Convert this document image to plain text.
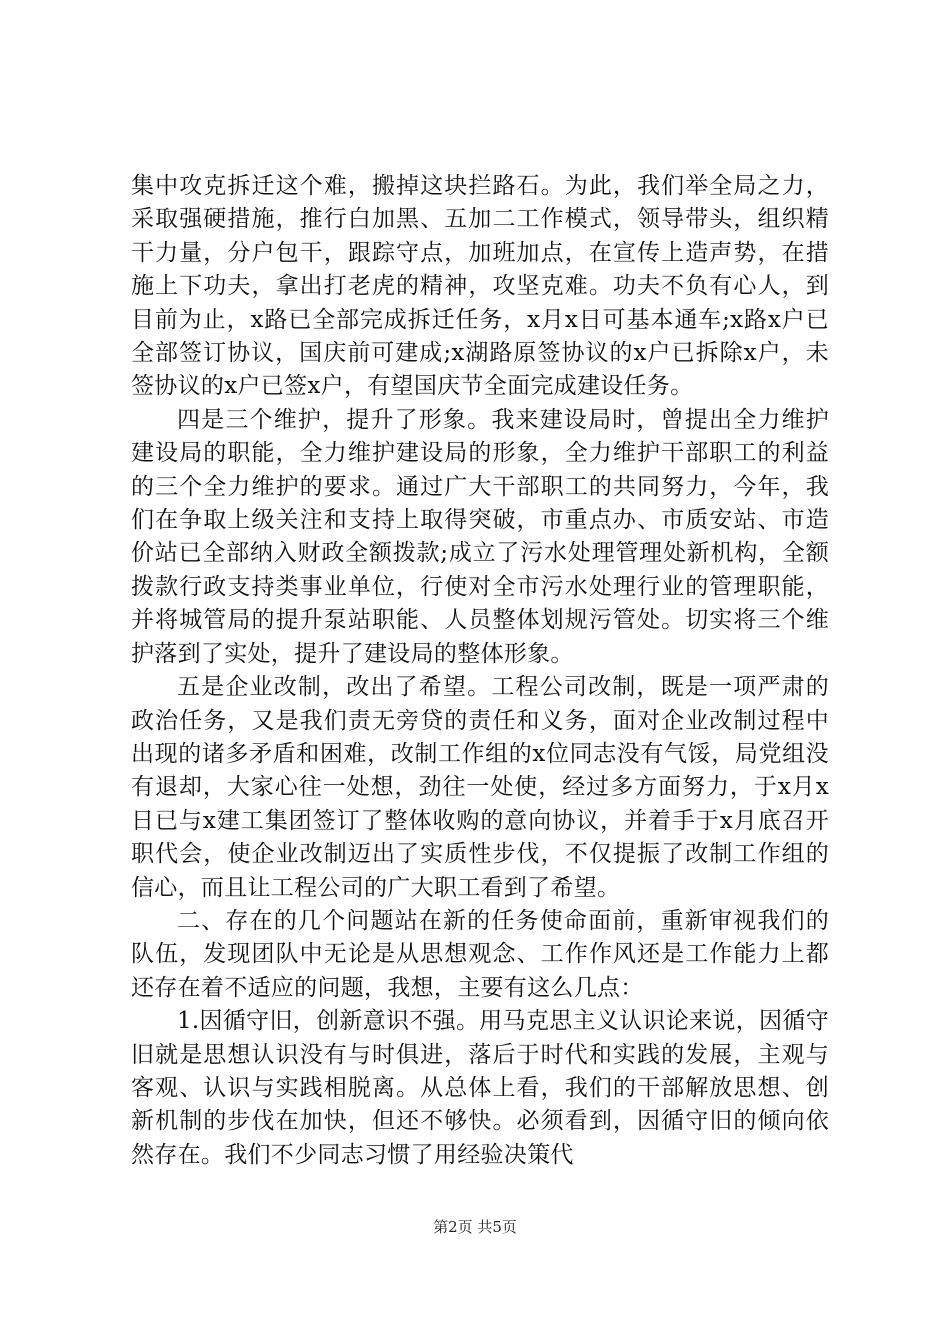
集中攻克拆迁这个难，搬掉这块拦路石。为此，我们举全局之力，采取强硬措施，推行白加黑、五加二工作模式，领导带头，组织精干力量，分户包干，跟踪守点，加班加点，在宣传上造声势，在措施上下功夫，拿出打老虎的精神，攻坚克难。功夫不负有心人，到目前为止，x路已全部完成拆迁任务，x月x日可基本通车;x路x户已全部签订协议，国庆前可建成;x湖路原签协议的x户已拆除x户，未签协议的x户已签x户，有望国庆节全面完成建设任务。

四是三个维护，提升了形象。我来建设局时，曾提出全力维护建设局的职能，全力维护建设局的形象，全力维护干部职工的利益的三个全力维护的要求。通过广大干部职工的共同努力，今年，我们在争取上级关注和支持上取得突破，市重点办、市质安站、市造价站已全部纳入财政全额拨款;成立了污水处理管理处新机构，全额拨款行政支持类事业单位，行使对全市污水处理行业的管理职能，并将城管局的提升泵站职能、人员整体划规污管处。切实将三个维护落到了实处，提升了建设局的整体形象。

五是企业改制，改出了希望。工程公司改制，既是一项严肃的政治任务，又是我们责无旁贷的责任和义务，面对企业改制过程中出现的诸多矛盾和困难，改制工作组的x位同志没有气馁，局党组没有退却，大家心往一处想，劲往一处使，经过多方面努力，于x月x日已与x建工集团签订了整体收购的意向协议，并着手于x月底召开职代会，使企业改制迈出了实质性步伐，不仅提振了改制工作组的信心，而且让工程公司的广大职工看到了希望。

二、存在的几个问题站在新的任务使命面前，重新审视我们的队伍，发现团队中无论是从思想观念、工作作风还是工作能力上都还存在着不适应的问题，我想，主要有这么几点：

1.因循守旧，创新意识不强。用马克思主义认识论来说，因循守旧就是思想认识没有与时俱进，落后于时代和实践的发展，主观与客观、认识与实践相脱离。从总体上看，我们的干部解放思想、创新机制的步伐在加快，但还不够快。必须看到，因循守旧的倾向依然存在。我们不少同志习惯了用经验决策代

第2页 共5页
